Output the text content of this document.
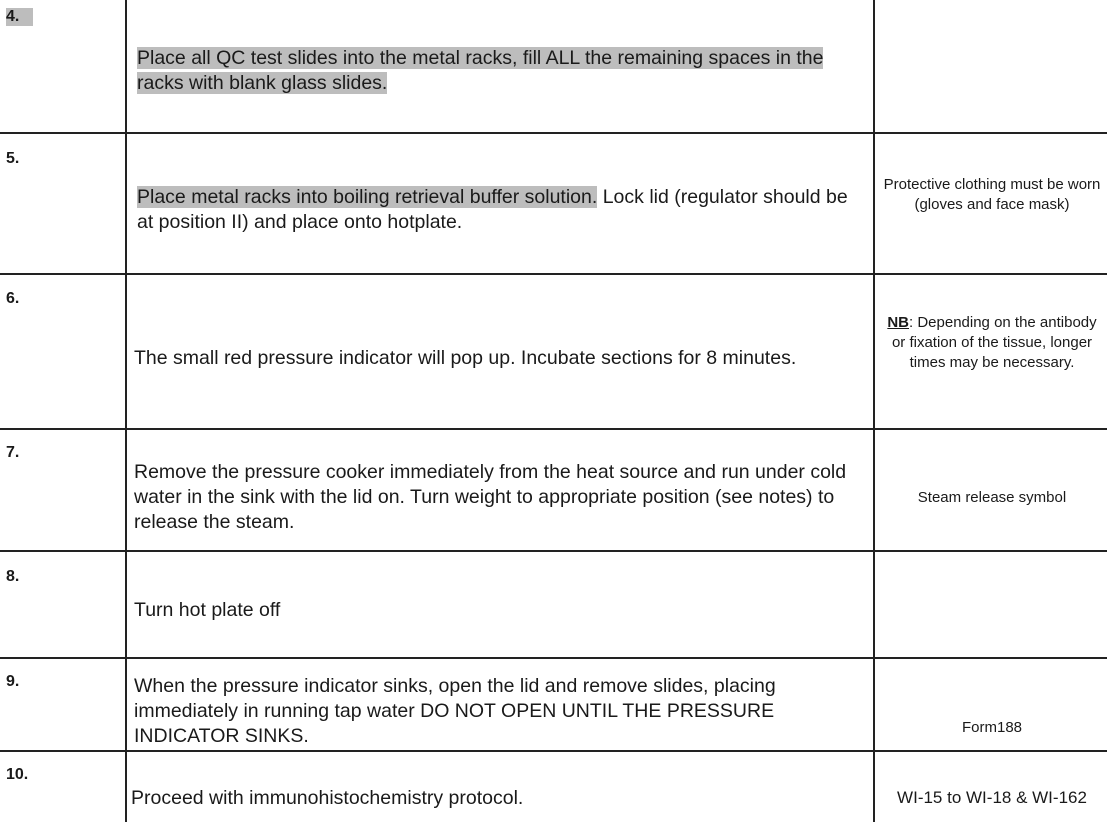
4.
Place all QC test slides into the metal racks, fill ALL the remaining spaces in the racks with blank glass slides.
5.
Place metal racks into boiling retrieval buffer solution. Lock lid (regulator should be at position II) and place onto hotplate.
Protective clothing must be worn (gloves and face mask)
6.
The small red pressure indicator will pop up. Incubate sections for 8 minutes.
NB: Depending on the antibody or fixation of the tissue, longer times may be necessary.
7.
Remove the pressure cooker immediately from the heat source and run under cold water in the sink with the lid on. Turn weight to appropriate position (see notes) to release the steam.
Steam release symbol
8.
Turn hot plate off
9.	When the pressure indicator sinks, open the lid and remove slides, placing immediately in running tap water DO NOT OPEN UNTIL THE PRESSURE INDICATOR SINKS.	Form188
10.
Proceed with immunohistochemistry protocol.	WI-15 to WI-18 & WI-162
